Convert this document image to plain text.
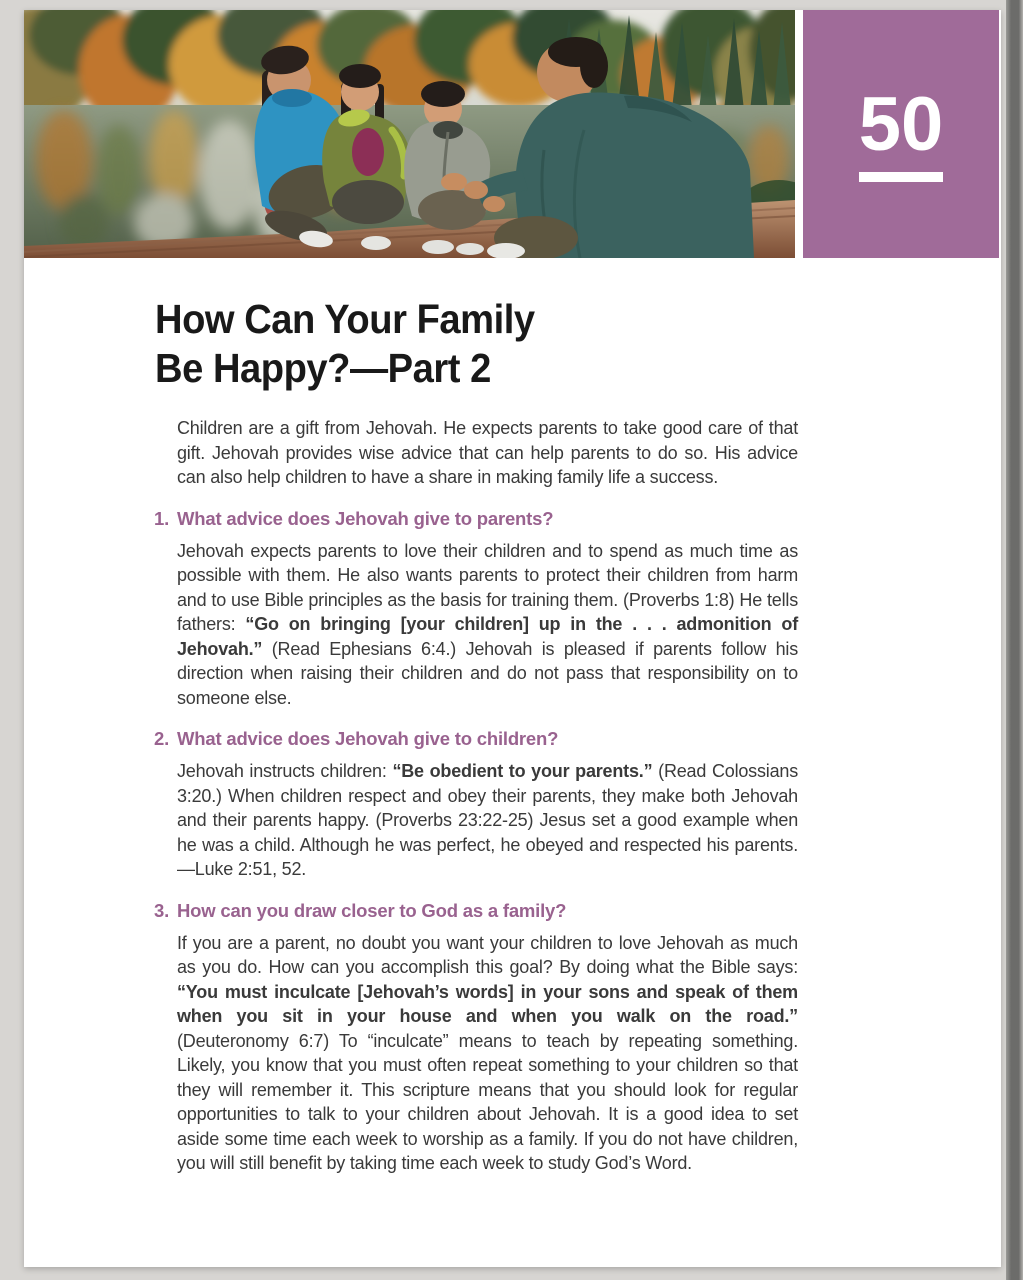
50
How Can Your Family
Be Happy?—Part 2

Children are a gift from Jehovah. He expects parents to take good care of that gift. Jehovah provides wise advice that can help parents to do so. His advice can also help children to have a share in making family life a success.

1. What advice does Jehovah give to parents?

Jehovah expects parents to love their children and to spend as much time as possible with them. He also wants parents to protect their children from harm and to use Bible principles as the basis for training them. (Proverbs 1:8) He tells fathers: “Go on bringing [your children] up in the . . . admonition of Jehovah.” (Read Ephesians 6:4.) Jehovah is pleased if parents follow his direction when raising their children and do not pass that responsibility on to someone else.

2. What advice does Jehovah give to children?

Jehovah instructs children: “Be obedient to your parents.” (Read Colossians 3:20.) When children respect and obey their parents, they make both Jehovah and their parents happy. (Proverbs 23:22-25) Jesus set a good example when he was a child. Although he was perfect, he obeyed and respected his parents.—Luke 2:51, 52.

3. How can you draw closer to God as a family?

If you are a parent, no doubt you want your children to love Jehovah as much as you do. How can you accomplish this goal? By doing what the Bible says: “You must inculcate [Jehovah’s words] in your sons and speak of them when you sit in your house and when you walk on the road.” (Deuteronomy 6:7) To “inculcate” means to teach by repeating something. Likely, you know that you must often repeat something to your children so that they will remember it. This scripture means that you should look for regular opportunities to talk to your children about Jehovah. It is a good idea to set aside some time each week to worship as a family. If you do not have children, you will still benefit by taking time each week to study God’s Word.
